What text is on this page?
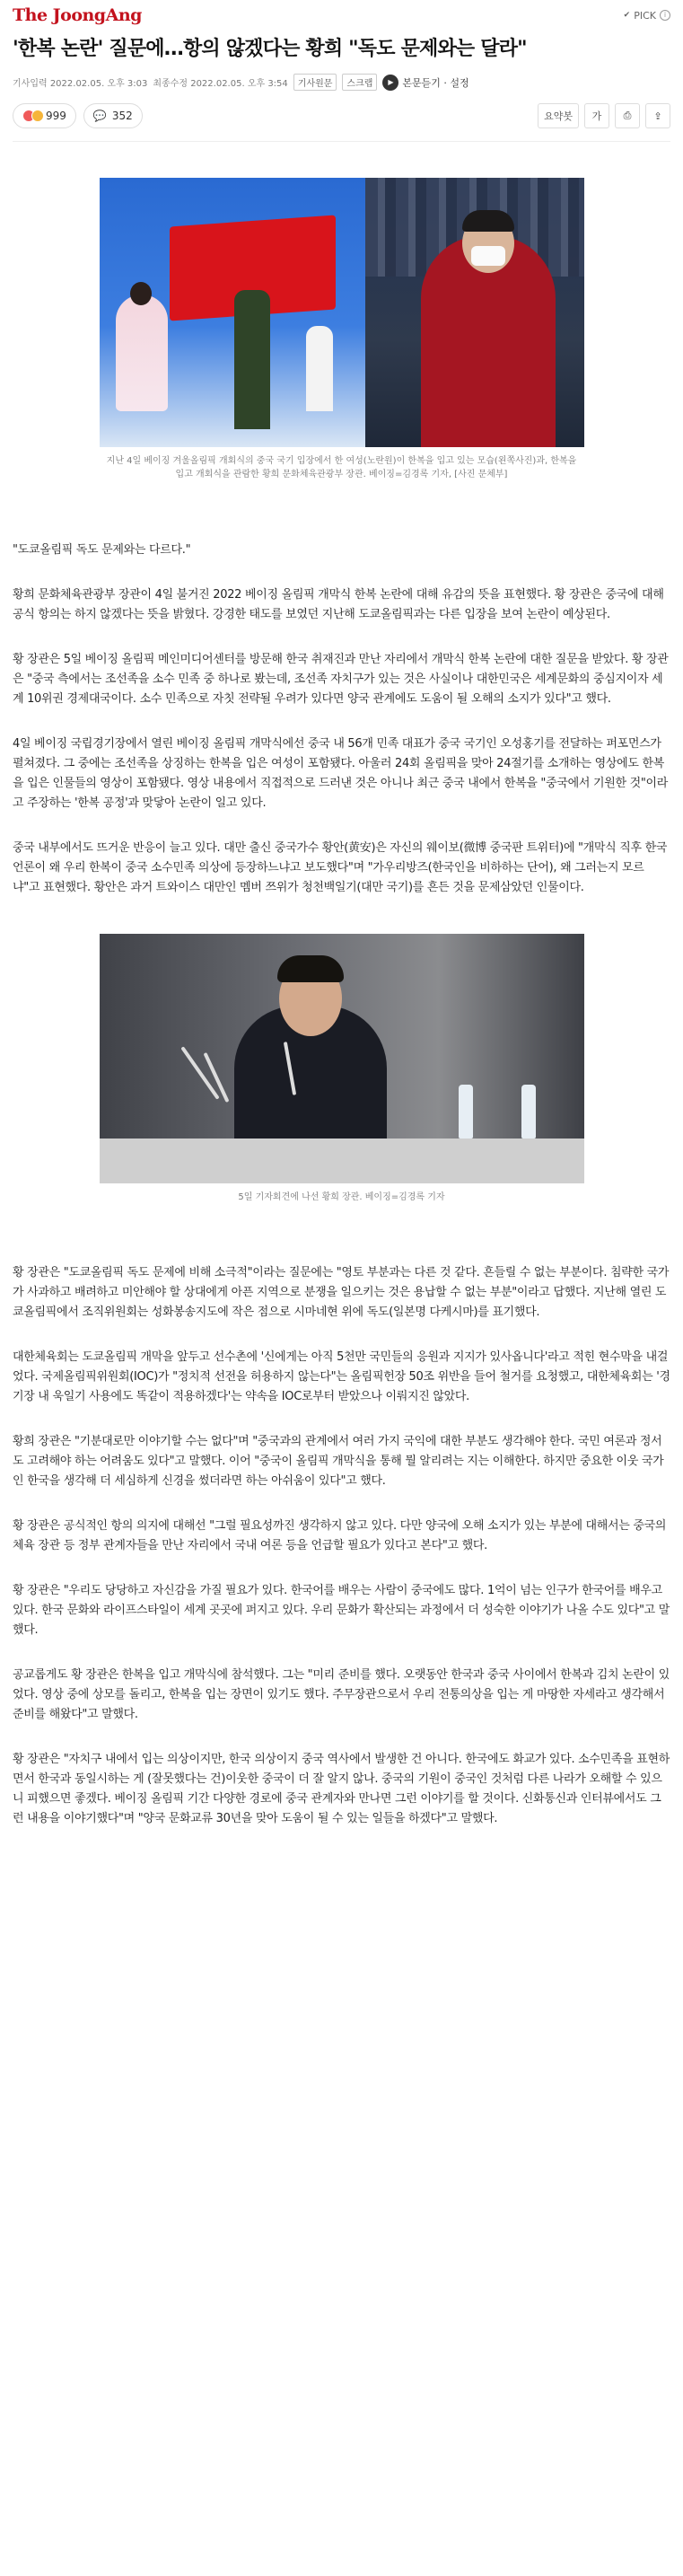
The JoongAng	✔ PICK	i
'한복 논란' 질문에…항의 않겠다는 황희 "독도 문제와는 달라"
기사입력 2022.02.05. 오후 3:03 최종수정 2022.02.05. 오후 3:54	기사원문	스크랩	▶ 본문듣기 · 설정
999	💬 352	요약봇	가	⎙	⇪
지난 4일 베이징 겨울올림픽 개회식의 중국 국기 입장에서 한 여성(노란원)이 한복을 입고 있는 모습(왼쪽사진)과, 한복을 입고 개회식을 관람한 황희 문화체육관광부 장관. 베이징=김경록 기자, [사진 문체부]

"도쿄올림픽 독도 문제와는 다르다."

황희 문화체육관광부 장관이 4일 불거진 2022 베이징 올림픽 개막식 한복 논란에 대해 유감의 뜻을 표현했다. 황 장관은 중국에 대해 공식 항의는 하지 않겠다는 뜻을 밝혔다. 강경한 태도를 보였던 지난해 도쿄올림픽과는 다른 입장을 보여 논란이 예상된다.

황 장관은 5일 베이징 올림픽 메인미디어센터를 방문해 한국 취재진과 만난 자리에서 개막식 한복 논란에 대한 질문을 받았다. 황 장관은 "중국 측에서는 조선족을 소수 민족 중 하나로 봤는데, 조선족 자치구가 있는 것은 사실이나 대한민국은 세계문화의 중심지이자 세계 10위권 경제대국이다. 소수 민족으로 자칫 전략될 우려가 있다면 양국 관계에도 도움이 될 오해의 소지가 있다"고 했다.

4일 베이징 국립경기장에서 열린 베이징 올림픽 개막식에선 중국 내 56개 민족 대표가 중국 국기인 오성홍기를 전달하는 퍼포먼스가 펼쳐졌다. 그 중에는 조선족을 상징하는 한복을 입은 여성이 포함됐다. 아울러 24회 올림픽을 맞아 24절기를 소개하는 영상에도 한복을 입은 인물들의 영상이 포함됐다. 영상 내용에서 직접적으로 드러낸 것은 아니나 최근 중국 내에서 한복을 "중국에서 기원한 것"이라고 주장하는 '한복 공정'과 맞닿아 논란이 일고 있다.

중국 내부에서도 뜨거운 반응이 늘고 있다. 대만 출신 중국가수 황안(黄安)은 자신의 웨이보(微博 중국판 트위터)에 "개막식 직후 한국 언론이 왜 우리 한복이 중국 소수민족 의상에 등장하느냐고 보도했다"며 "가우리방즈(한국인을 비하하는 단어), 왜 그러는지 모르냐"고 표현했다. 황안은 과거 트와이스 대만인 멤버 쯔위가 청천백일기(대만 국기)를 흔든 것을 문제삼았던 인물이다.

5일 기자회견에 나선 황희 장관. 베이징=김경록 기자

황 장관은 "도쿄올림픽 독도 문제에 비해 소극적"이라는 질문에는 "영토 부분과는 다른 것 같다. 흔들릴 수 없는 부분이다. 침략한 국가가 사과하고 배려하고 미안해야 할 상대에게 아픈 지역으로 분쟁을 일으키는 것은 용납할 수 없는 부분"이라고 답했다. 지난해 열린 도쿄올림픽에서 조직위원회는 성화봉송지도에 작은 점으로 시마네현 위에 독도(일본명 다케시마)를 표기했다.

대한체육회는 도쿄올림픽 개막을 앞두고 선수촌에 '신에게는 아직 5천만 국민들의 응원과 지지가 있사옵니다'라고 적힌 현수막을 내걸었다. 국제올림픽위원회(IOC)가 "정치적 선전을 허용하지 않는다"는 올림픽헌장 50조 위반을 들어 철거를 요청했고, 대한체육회는 '경기장 내 욱일기 사용에도 똑같이 적용하겠다'는 약속을 IOC로부터 받았으나 이뤄지진 않았다.

황희 장관은 "기분대로만 이야기할 수는 없다"며 "중국과의 관계에서 여러 가지 국익에 대한 부분도 생각해야 한다. 국민 여론과 정서도 고려해야 하는 어려움도 있다"고 말했다. 이어 "중국이 올림픽 개막식을 통해 뭘 알리려는 지는 이해한다. 하지만 중요한 이웃 국가인 한국을 생각해 더 세심하게 신경을 썼더라면 하는 아쉬움이 있다"고 했다.

황 장관은 공식적인 항의 의지에 대해선 "그럴 필요성까진 생각하지 않고 있다. 다만 양국에 오해 소지가 있는 부분에 대해서는 중국의 체육 장관 등 정부 관계자들을 만난 자리에서 국내 여론 등을 언급할 필요가 있다고 본다"고 했다.

황 장관은 "우리도 당당하고 자신감을 가질 필요가 있다. 한국어를 배우는 사람이 중국에도 많다. 1억이 넘는 인구가 한국어를 배우고 있다. 한국 문화와 라이프스타일이 세계 곳곳에 퍼지고 있다. 우리 문화가 확산되는 과정에서 더 성숙한 이야기가 나올 수도 있다"고 말했다.

공교롭게도 황 장관은 한복을 입고 개막식에 참석했다. 그는 "미리 준비를 했다. 오랫동안 한국과 중국 사이에서 한복과 김치 논란이 있었다. 영상 중에 상모를 돌리고, 한복을 입는 장면이 있기도 했다. 주무장관으로서 우리 전통의상을 입는 게 마땅한 자세라고 생각해서 준비를 해왔다"고 말했다.

황 장관은 "자치구 내에서 입는 의상이지만, 한국 의상이지 중국 역사에서 발생한 건 아니다. 한국에도 화교가 있다. 소수민족을 표현하면서 한국과 동일시하는 게 (잘못했다는 건)이웃한 중국이 더 잘 알지 않나. 중국의 기원이 중국인 것처럼 다른 나라가 오해할 수 있으니 피했으면 좋겠다. 베이징 올림픽 기간 다양한 경로에 중국 관계자와 만나면 그런 이야기를 할 것이다. 신화통신과 인터뷰에서도 그런 내용을 이야기했다"며 "양국 문화교류 30년을 맞아 도움이 될 수 있는 일들을 하겠다"고 말했다.
